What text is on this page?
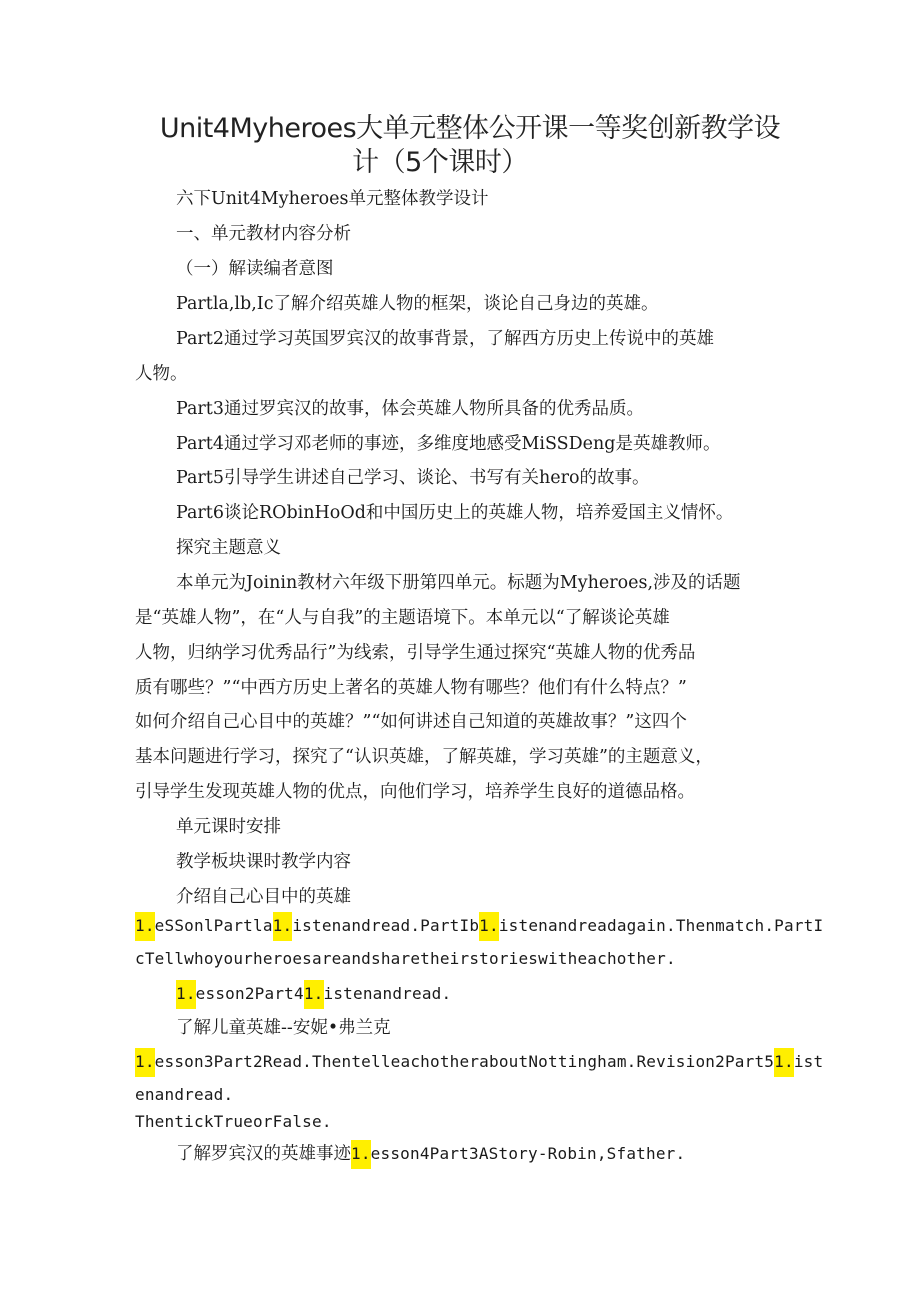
Unit4Myheroes大单元整体公开课一等奖创新教学设
计（5个课时）
六下Unit4Myheroes单元整体教学设计
一、单元教材内容分析
（一）解读编者意图
Partla,lb,Ic了解介绍英雄人物的框架，谈论自己身边的英雄。
Part2通过学习英国罗宾汉的故事背景，了解西方历史上传说中的英雄
人物。
Part3通过罗宾汉的故事，体会英雄人物所具备的优秀品质。
Part4通过学习邓老师的事迹，多维度地感受MiSSDeng是英雄教师。
Part5引导学生讲述自己学习、谈论、书写有关hero的故事。
Part6谈论RObinHoOd和中国历史上的英雄人物，培养爱国主义情怀。
探究主题意义
本单元为Joinin教材六年级下册第四单元。标题为Myheroes,涉及的话题
是“英雄人物”，在“人与自我”的主题语境下。本单元以“了解谈论英雄
人物，归纳学习优秀品行”为线索，引导学生通过探究“英雄人物的优秀品
质有哪些？”“中西方历史上著名的英雄人物有哪些？他们有什么特点？”
如何介绍自己心目中的英雄？”“如何讲述自己知道的英雄故事？”这四个
基本问题进行学习，探究了“认识英雄，了解英雄，学习英雄”的主题意义，
引导学生发现英雄人物的优点，向他们学习，培养学生良好的道德品格。
单元课时安排
教学板块课时教学内容
介绍自己心目中的英雄
1.eSSonlPartla1.istenandread.PartIb1.istenandreadagain.Thenmatch.PartI
cTellwhoyourheroesareandsharetheirstorieswitheachother.
1.esson2Part41.istenandread.
了解儿童英雄--安妮•弗兰克
1.esson3Part2Read.ThentelleachotheraboutNottingham.Revision2Part51.ist
enandread.
ThentickTrueorFalse.
了解罗宾汉的英雄事迹1.esson4Part3AStory-Robin,Sfather.
